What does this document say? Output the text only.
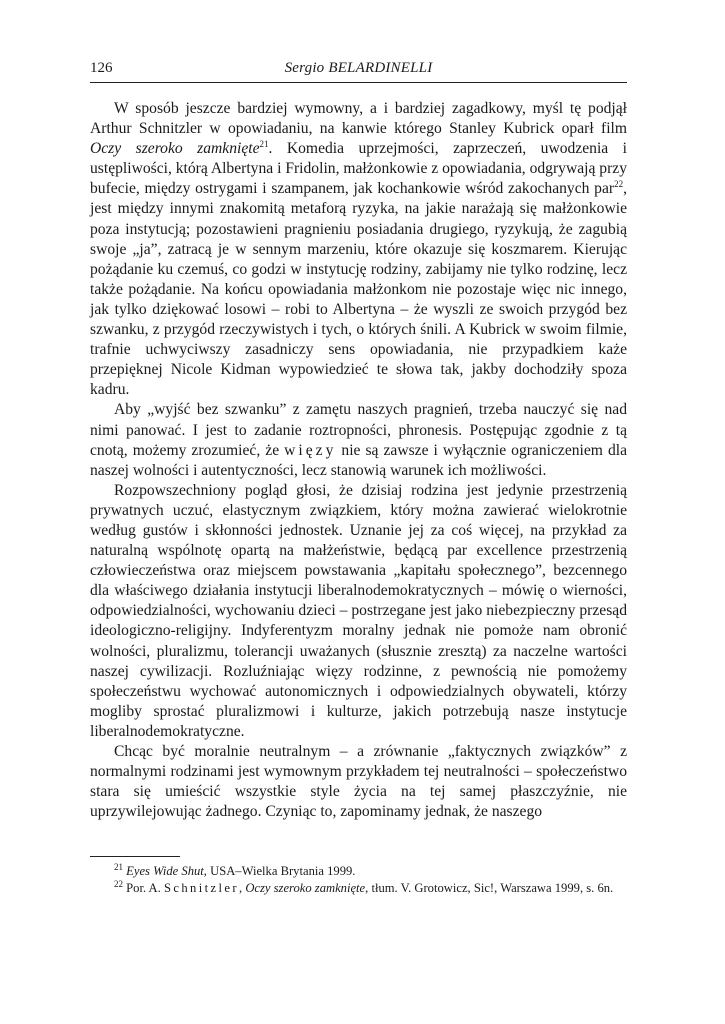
126	Sergio BELARDINELLI

W sposób jeszcze bardziej wymowny, a i bardziej zagadkowy, myśl tę podjął Arthur Schnitzler w opowiadaniu, na kanwie którego Stanley Kubrick oparł film Oczy szeroko zamknięte$^{21}$. Komedia uprzejmości, zaprzeczeń, uwodzenia i ustępliwości, którą Albertyna i Fridolin, małżonkowie z opowiadania, odgrywają przy bufecie, między ostrygami i szampanem, jak kochankowie wśród zakochanych par$^{22}$, jest między innymi znakomitą metaforą ryzyka, na jakie narażają się małżonkowie poza instytucją; pozostawieni pragnieniu posiadania drugiego, ryzykują, że zagubią swoje „ja”, zatracą je w sennym marzeniu, które okazuje się koszmarem. Kierując pożądanie ku czemuś, co godzi w instytucję rodziny, zabijamy nie tylko rodzinę, lecz także pożądanie. Na końcu opowiadania małżonkom nie pozostaje więc nic innego, jak tylko dziękować losowi – robi to Albertyna – że wyszli ze swoich przygód bez szwanku, z przygód rzeczywistych i tych, o których śnili. A Kubrick w swoim filmie, trafnie uchwyciwszy zasadniczy sens opowiadania, nie przypadkiem każe przepięknej Nicole Kidman wypowiedzieć te słowa tak, jakby dochodziły spoza kadru.

Aby „wyjść bez szwanku” z zamętu naszych pragnień, trzeba nauczyć się nad nimi panować. I jest to zadanie roztropności, phronesis. Postępując zgodnie z tą cnotą, możemy zrozumieć, że więzy nie są zawsze i wyłącznie ograniczeniem dla naszej wolności i autentyczności, lecz stanowią warunek ich możliwości.

Rozpowszechniony pogląd głosi, że dzisiaj rodzina jest jedynie przestrzenią prywatnych uczuć, elastycznym związkiem, który można zawierać wielokrotnie według gustów i skłonności jednostek. Uznanie jej za coś więcej, na przykład za naturalną wspólnotę opartą na małżeństwie, będącą par excellence przestrzenią człowieczeństwa oraz miejscem powstawania „kapitału społecznego”, bezcennego dla właściwego działania instytucji liberalnodemokratycznych – mówię o wierności, odpowiedzialności, wychowaniu dzieci – postrzegane jest jako niebezpieczny przesąd ideologiczno-religijny. Indyferentyzm moralny jednak nie pomoże nam obronić wolności, pluralizmu, tolerancji uważanych (słusznie zresztą) za naczelne wartości naszej cywilizacji. Rozluźniając więzy rodzinne, z pewnością nie pomożemy społeczeństwu wychować autonomicznych i odpowiedzialnych obywateli, którzy mogliby sprostać pluralizmowi i kulturze, jakich potrzebują nasze instytucje liberalnodemokratyczne.

Chcąc być moralnie neutralnym – a zrównanie „faktycznych związków” z normalnymi rodzinami jest wymownym przykładem tej neutralności – społeczeństwo stara się umieścić wszystkie style życia na tej samej płaszczyźnie, nie uprzywilejowując żadnego. Czyniąc to, zapominamy jednak, że naszego

$^{21}$ Eyes Wide Shut, USA–Wielka Brytania 1999.

$^{22}$ Por. A. Schnitzler, Oczy szeroko zamknięte, tłum. V. Grotowicz, Sic!, Warszawa 1999, s. 6n.
